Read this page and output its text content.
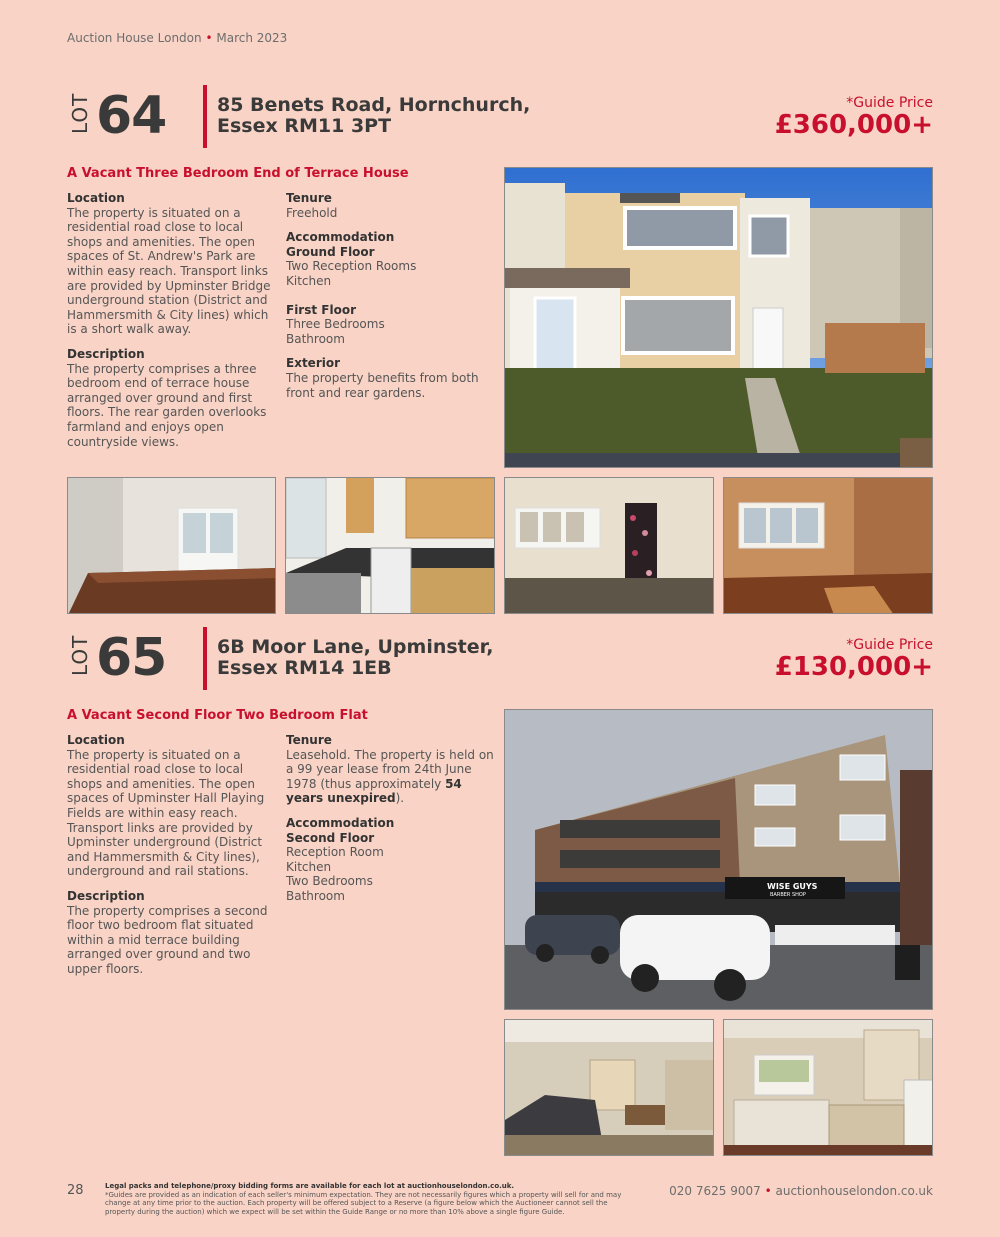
Auction House London • March 2023
LOT 64	85 Benets Road, Hornchurch,
Essex RM11 3PT
*Guide Price
£360,000+
A Vacant Three Bedroom End of Terrace House

Location
The property is situated on a residential road close to local shops and amenities. The open spaces of St. Andrew's Park are within easy reach. Transport links are provided by Upminster Bridge underground station (District and Hammersmith & City lines) which is a short walk away.

Description
The property comprises a three bedroom end of terrace house arranged over ground and first floors. The rear garden overlooks farmland and enjoys open countryside views.

Tenure
Freehold

Accommodation
Ground Floor
Two Reception Rooms
Kitchen

First Floor
Three Bedrooms
Bathroom

Exterior
The property benefits from both front and rear gardens.

LOT 65	6B Moor Lane, Upminster,
Essex RM14 1EB
*Guide Price
£130,000+
A Vacant Second Floor Two Bedroom Flat

Location
The property is situated on a residential road close to local shops and amenities. The open spaces of Upminster Hall Playing Fields are within easy reach. Transport links are provided by Upminster underground (District and Hammersmith & City lines), underground and rail stations.

Description
The property comprises a second floor two bedroom flat situated within a mid terrace building arranged over ground and two upper floors.

Tenure
Leasehold. The property is held on a 99 year lease from 24th June 1978 (thus approximately 54 years unexpired).

Accommodation
Second Floor
Reception Room
Kitchen
Two Bedrooms
Bathroom

WISE GUYS
BARBER SHOP
28	Legal packs and telephone/proxy bidding forms are available for each lot at auctionhouselondon.co.uk.
*Guides are provided as an indication of each seller's minimum expectation. They are not necessarily figures which a property will sell for and may change at any time prior to the auction. Each property will be offered subject to a Reserve (a figure below which the Auctioneer cannot sell the property during the auction) which we expect will be set within the Guide Range or no more than 10% above a single figure Guide.
020 7625 9007 • auctionhouselondon.co.uk
